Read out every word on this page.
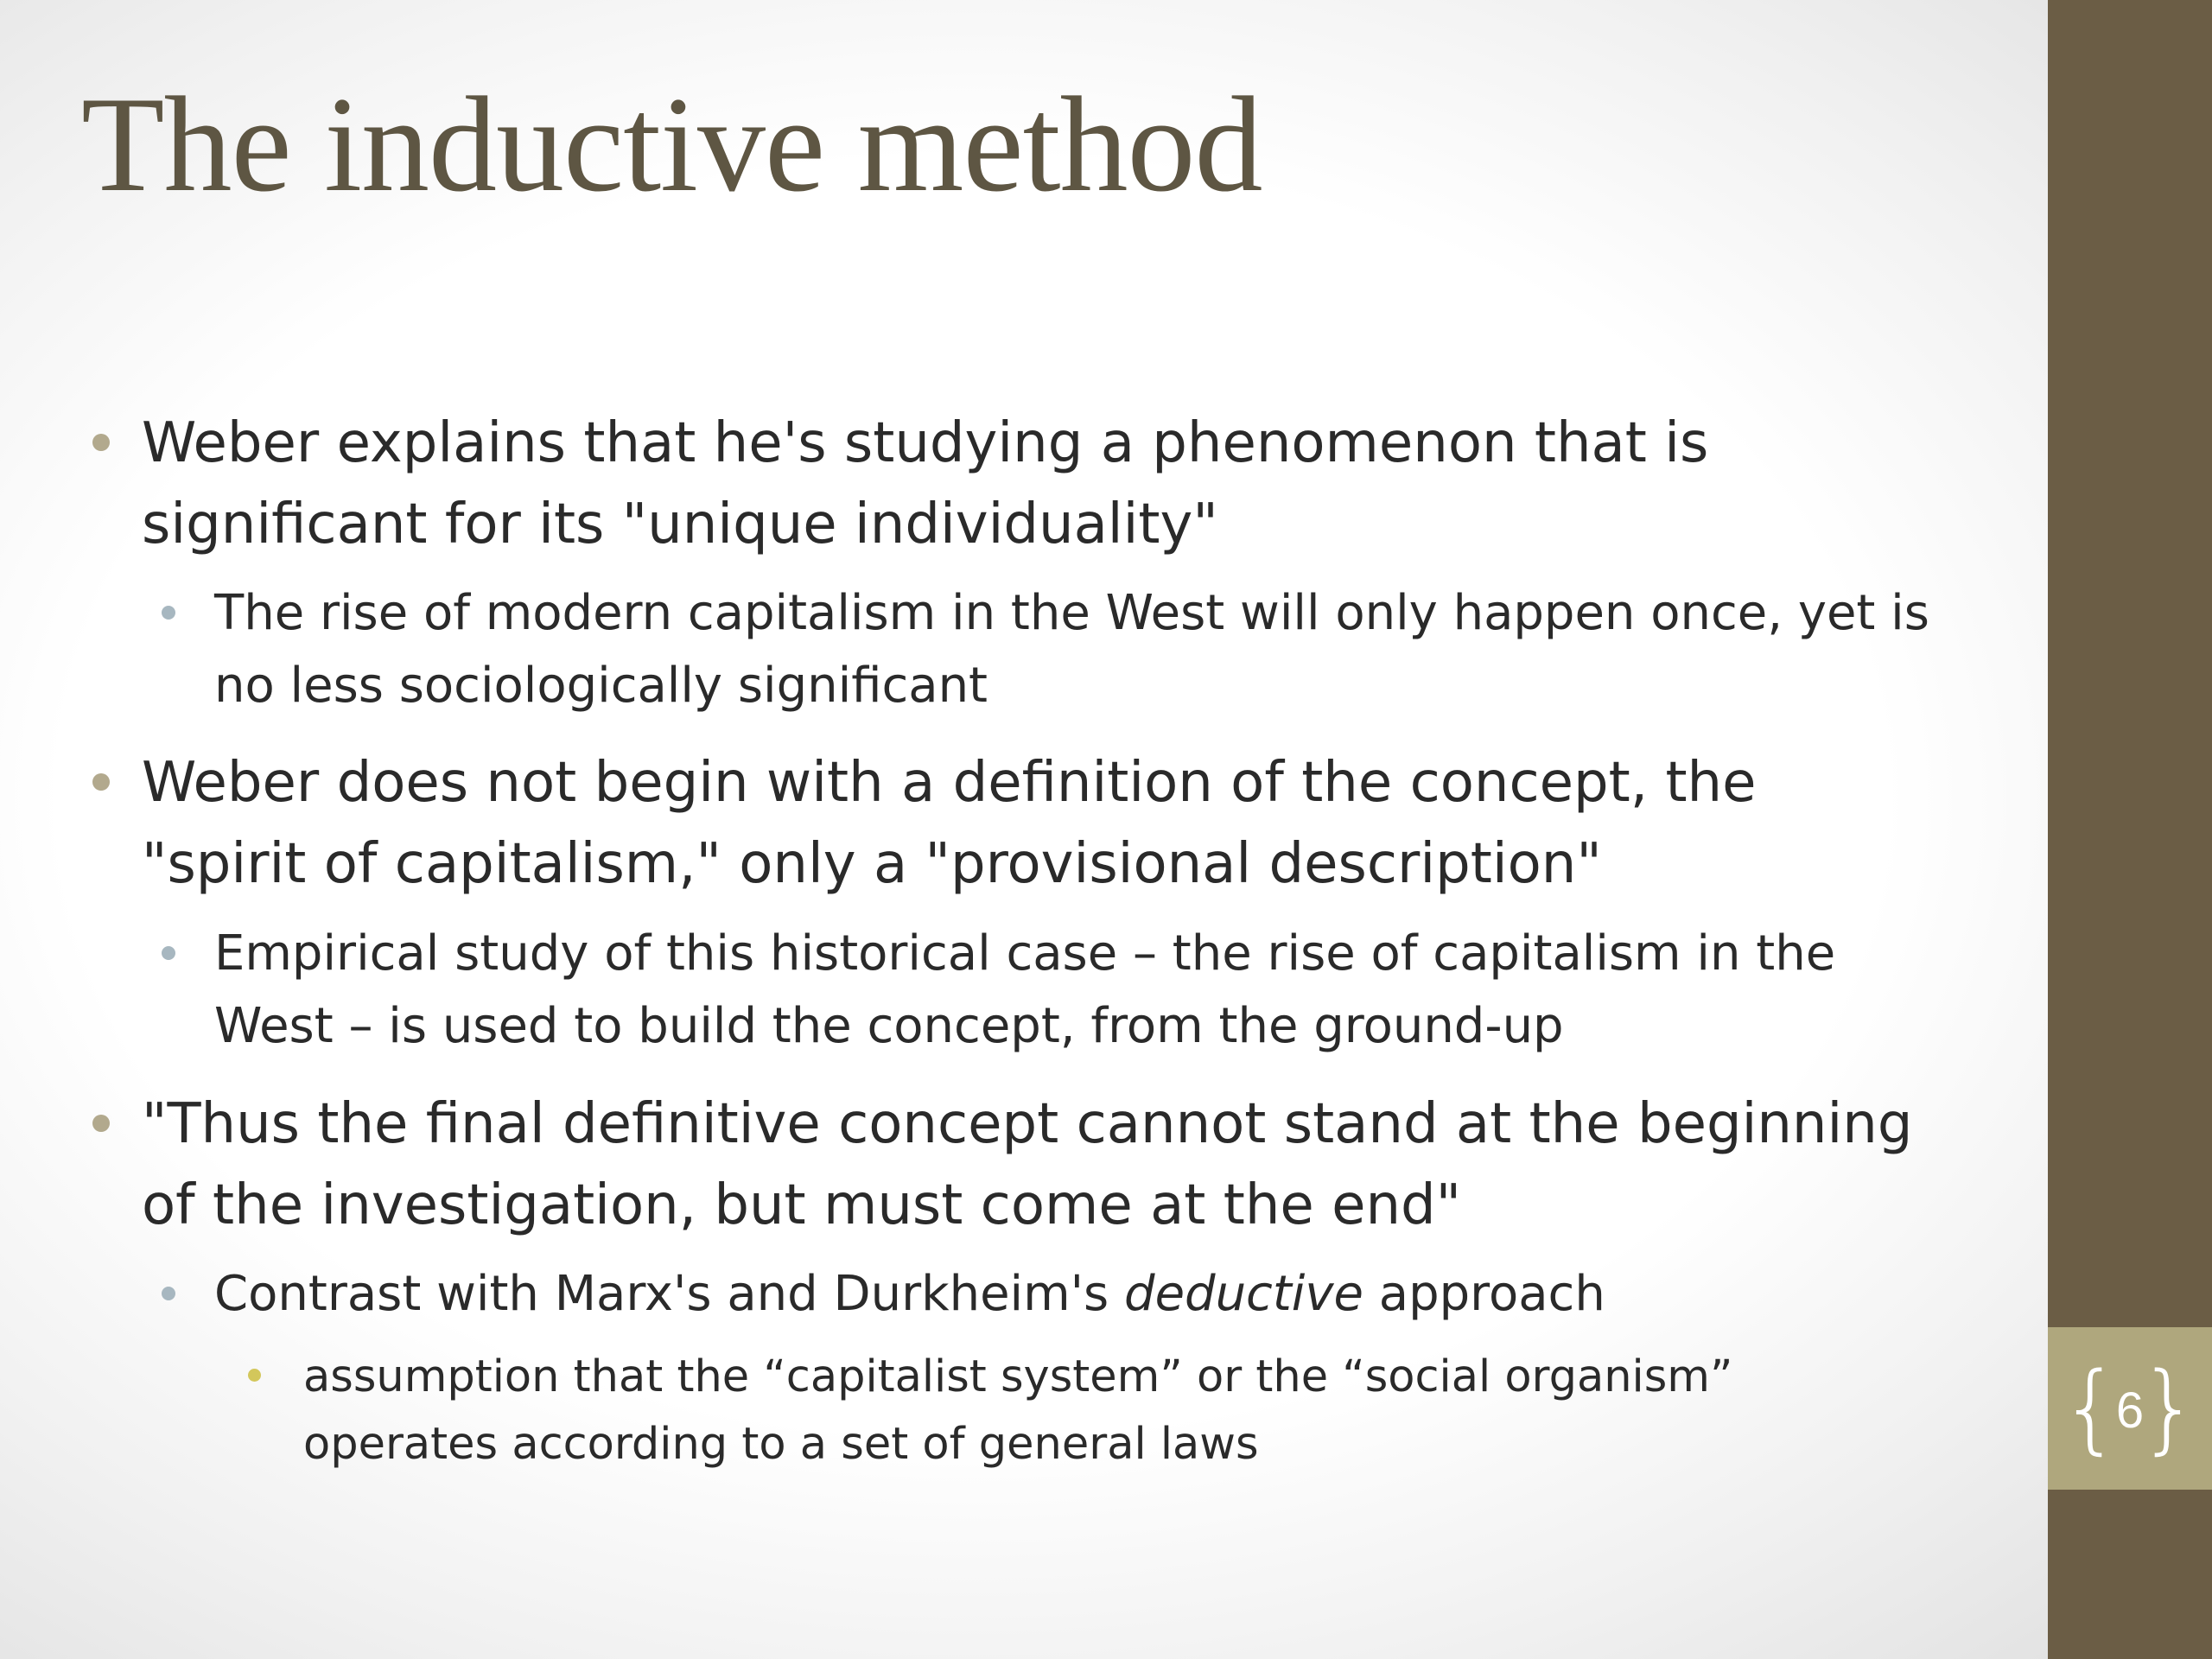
{
6
}
The inductive method
Weber explains that he's studying a phenomenon that is significant for its "unique individuality"
The rise of modern capitalism in the West will only happen once, yet is no less sociologically significant
Weber does not begin with a definition of the concept, the "spirit of capitalism," only a "provisional description"
Empirical study of this historical case – the rise of capitalism in the West – is used to build the concept, from the ground-up
"Thus the final definitive concept cannot stand at the beginning of the investigation, but must come at the end"
Contrast with Marx's and Durkheim's deductive approach
assumption that the “capitalist system” or the “social organism” operates according to a set of general laws
